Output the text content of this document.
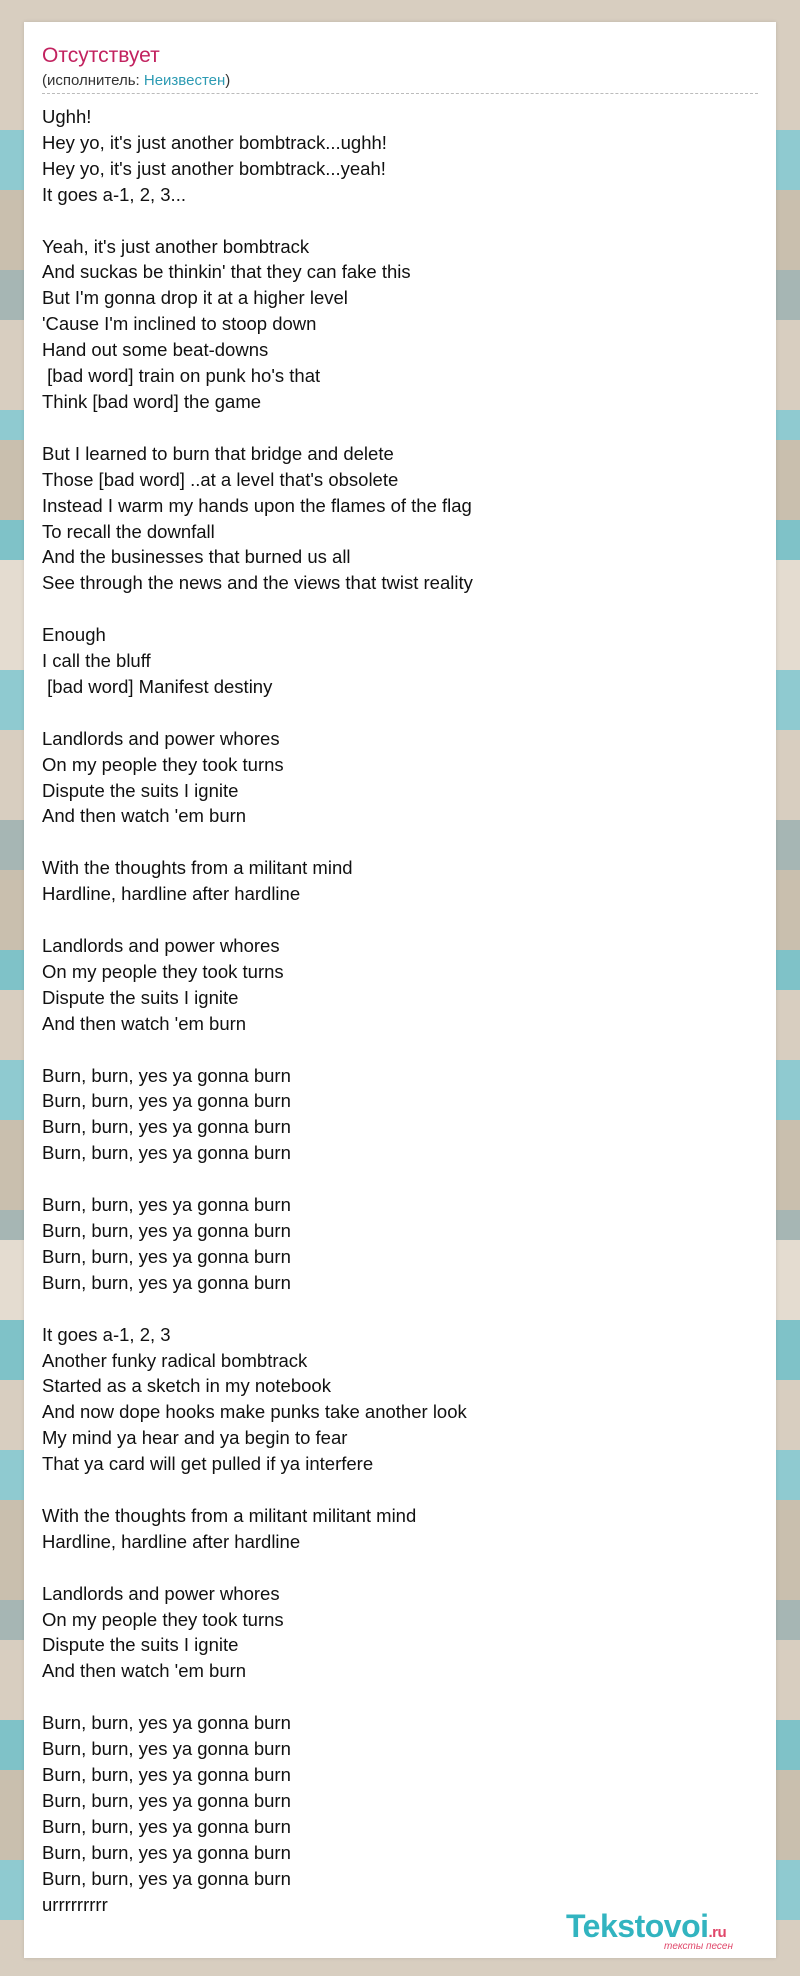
Отсутствует
(исполнитель: Неизвестен)
Ughh!
Hey yo, it's just another bombtrack...ughh!
Hey yo, it's just another bombtrack...yeah!
It goes a-1, 2, 3...

Yeah, it's just another bombtrack
And suckas be thinkin' that they can fake this
But I'm gonna drop it at a higher level
'Cause I'm inclined to stoop down
Hand out some beat-downs
[bad word] train on punk ho's that
Think [bad word] the game

But I learned to burn that bridge and delete
Those [bad word] ..at a level that's obsolete
Instead I warm my hands upon the flames of the flag
To recall the downfall
And the businesses that burned us all
See through the news and the views that twist reality

Enough
I call the bluff
[bad word] Manifest destiny

Landlords and power whores
On my people they took turns
Dispute the suits I ignite
And then watch 'em burn

With the thoughts from a militant mind
Hardline, hardline after hardline

Landlords and power whores
On my people they took turns
Dispute the suits I ignite
And then watch 'em burn

Burn, burn, yes ya gonna burn
Burn, burn, yes ya gonna burn
Burn, burn, yes ya gonna burn
Burn, burn, yes ya gonna burn

Burn, burn, yes ya gonna burn
Burn, burn, yes ya gonna burn
Burn, burn, yes ya gonna burn
Burn, burn, yes ya gonna burn

It goes a-1, 2, 3
Another funky radical bombtrack
Started as a sketch in my notebook
And now dope hooks make punks take another look
My mind ya hear and ya begin to fear
That ya card will get pulled if ya interfere

With the thoughts from a militant militant mind
Hardline, hardline after hardline

Landlords and power whores
On my people they took turns
Dispute the suits I ignite
And then watch 'em burn

Burn, burn, yes ya gonna burn
Burn, burn, yes ya gonna burn
Burn, burn, yes ya gonna burn
Burn, burn, yes ya gonna burn
Burn, burn, yes ya gonna burn
Burn, burn, yes ya gonna burn
Burn, burn, yes ya gonna burn
urrrrrrrrr
Tekstovoi.ru
тексты песен
